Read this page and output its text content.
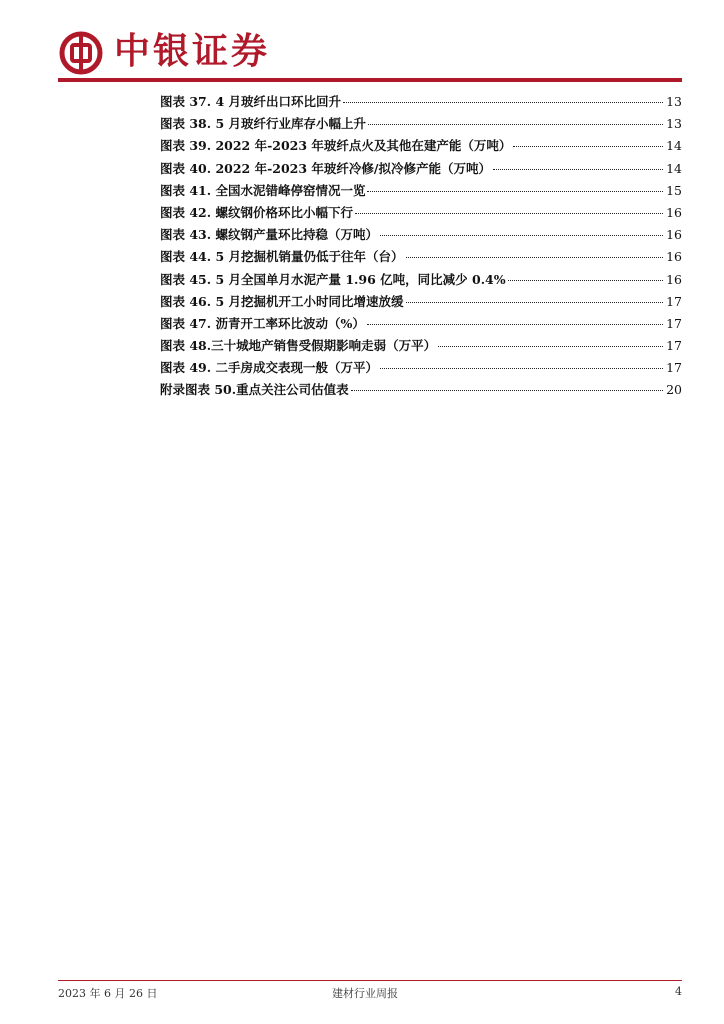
中银证券
图表 37. 4 月玻纤出口环比回升	13
图表 38. 5 月玻纤行业库存小幅上升	13
图表 39. 2022 年-2023 年玻纤点火及其他在建产能（万吨）	14
图表 40. 2022 年-2023 年玻纤冷修/拟冷修产能（万吨）	14
图表 41. 全国水泥错峰停窑情况一览	15
图表 42. 螺纹钢价格环比小幅下行	16
图表 43. 螺纹钢产量环比持稳（万吨）	16
图表 44. 5 月挖掘机销量仍低于往年（台）	16
图表 45. 5 月全国单月水泥产量 1.96 亿吨，同比减少 0.4%	16
图表 46. 5 月挖掘机开工小时同比增速放缓	17
图表 47. 沥青开工率环比波动（%）	17
图表 48.三十城地产销售受假期影响走弱（万平）	17
图表 49. 二手房成交表现一般（万平）	17
附录图表 50.重点关注公司估值表	20
2023 年 6 月 26 日	建材行业周报	4
